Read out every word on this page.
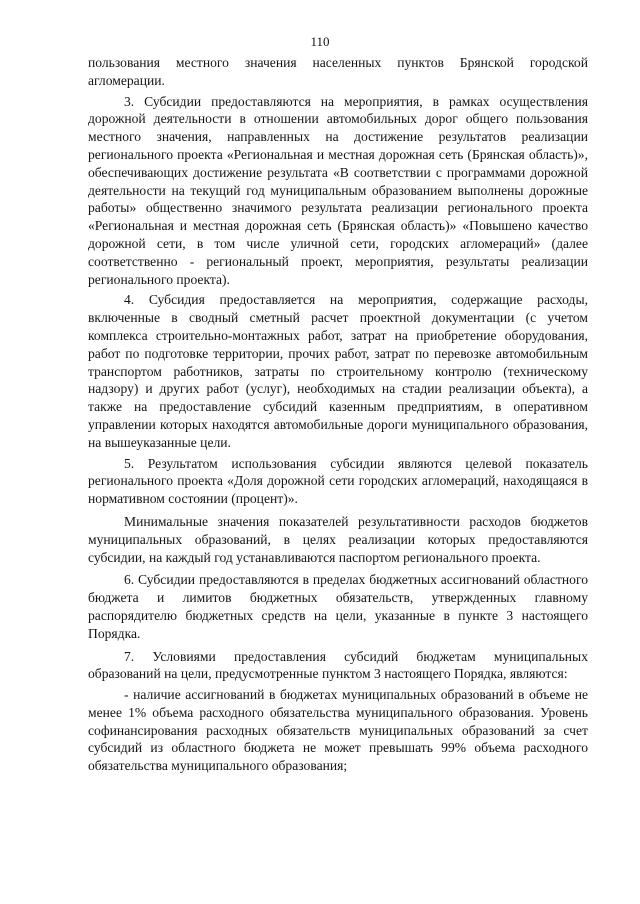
110

пользования местного значения населенных пунктов Брянской городской агломерации.

3. Субсидии предоставляются на мероприятия, в рамках осуществления дорожной деятельности в отношении автомобильных дорог общего пользования местного значения, направленных на достижение результатов реализации регионального проекта «Региональная и местная дорожная сеть (Брянская область)», обеспечивающих достижение результата «В соответствии с программами дорожной деятельности на текущий год муниципальным образованием выполнены дорожные работы» общественно значимого результата реализации регионального проекта «Региональная и местная дорожная сеть (Брянская область)» «Повышено качество дорожной сети, в том числе уличной сети, городских агломераций» (далее соответственно - региональный проект, мероприятия, результаты реализации регионального проекта).

4. Субсидия предоставляется на мероприятия, содержащие расходы, включенные в сводный сметный расчет проектной документации (с учетом комплекса строительно-монтажных работ, затрат на приобретение оборудования, работ по подготовке территории, прочих работ, затрат по перевозке автомобильным транспортом работников, затраты по строительному контролю (техническому надзору) и других работ (услуг), необходимых на стадии реализации объекта), а также на предоставление субсидий казенным предприятиям, в оперативном управлении которых находятся автомобильные дороги муниципального образования, на вышеуказанные цели.

5. Результатом использования субсидии являются целевой показатель регионального проекта «Доля дорожной сети городских агломераций, находящаяся в нормативном состоянии (процент)».

Минимальные значения показателей результативности расходов бюджетов муниципальных образований, в целях реализации которых предоставляются субсидии, на каждый год устанавливаются паспортом регионального проекта.

6. Субсидии предоставляются в пределах бюджетных ассигнований областного бюджета и лимитов бюджетных обязательств, утвержденных главному распорядителю бюджетных средств на цели, указанные в пункте 3 настоящего Порядка.

7. Условиями предоставления субсидий бюджетам муниципальных образований на цели, предусмотренные пунктом 3 настоящего Порядка, являются:

- наличие ассигнований в бюджетах муниципальных образований в объеме не менее 1% объема расходного обязательства муниципального образования. Уровень софинансирования расходных обязательств муниципальных образований за счет субсидий из областного бюджета не может превышать 99% объема расходного обязательства муниципального образования;
